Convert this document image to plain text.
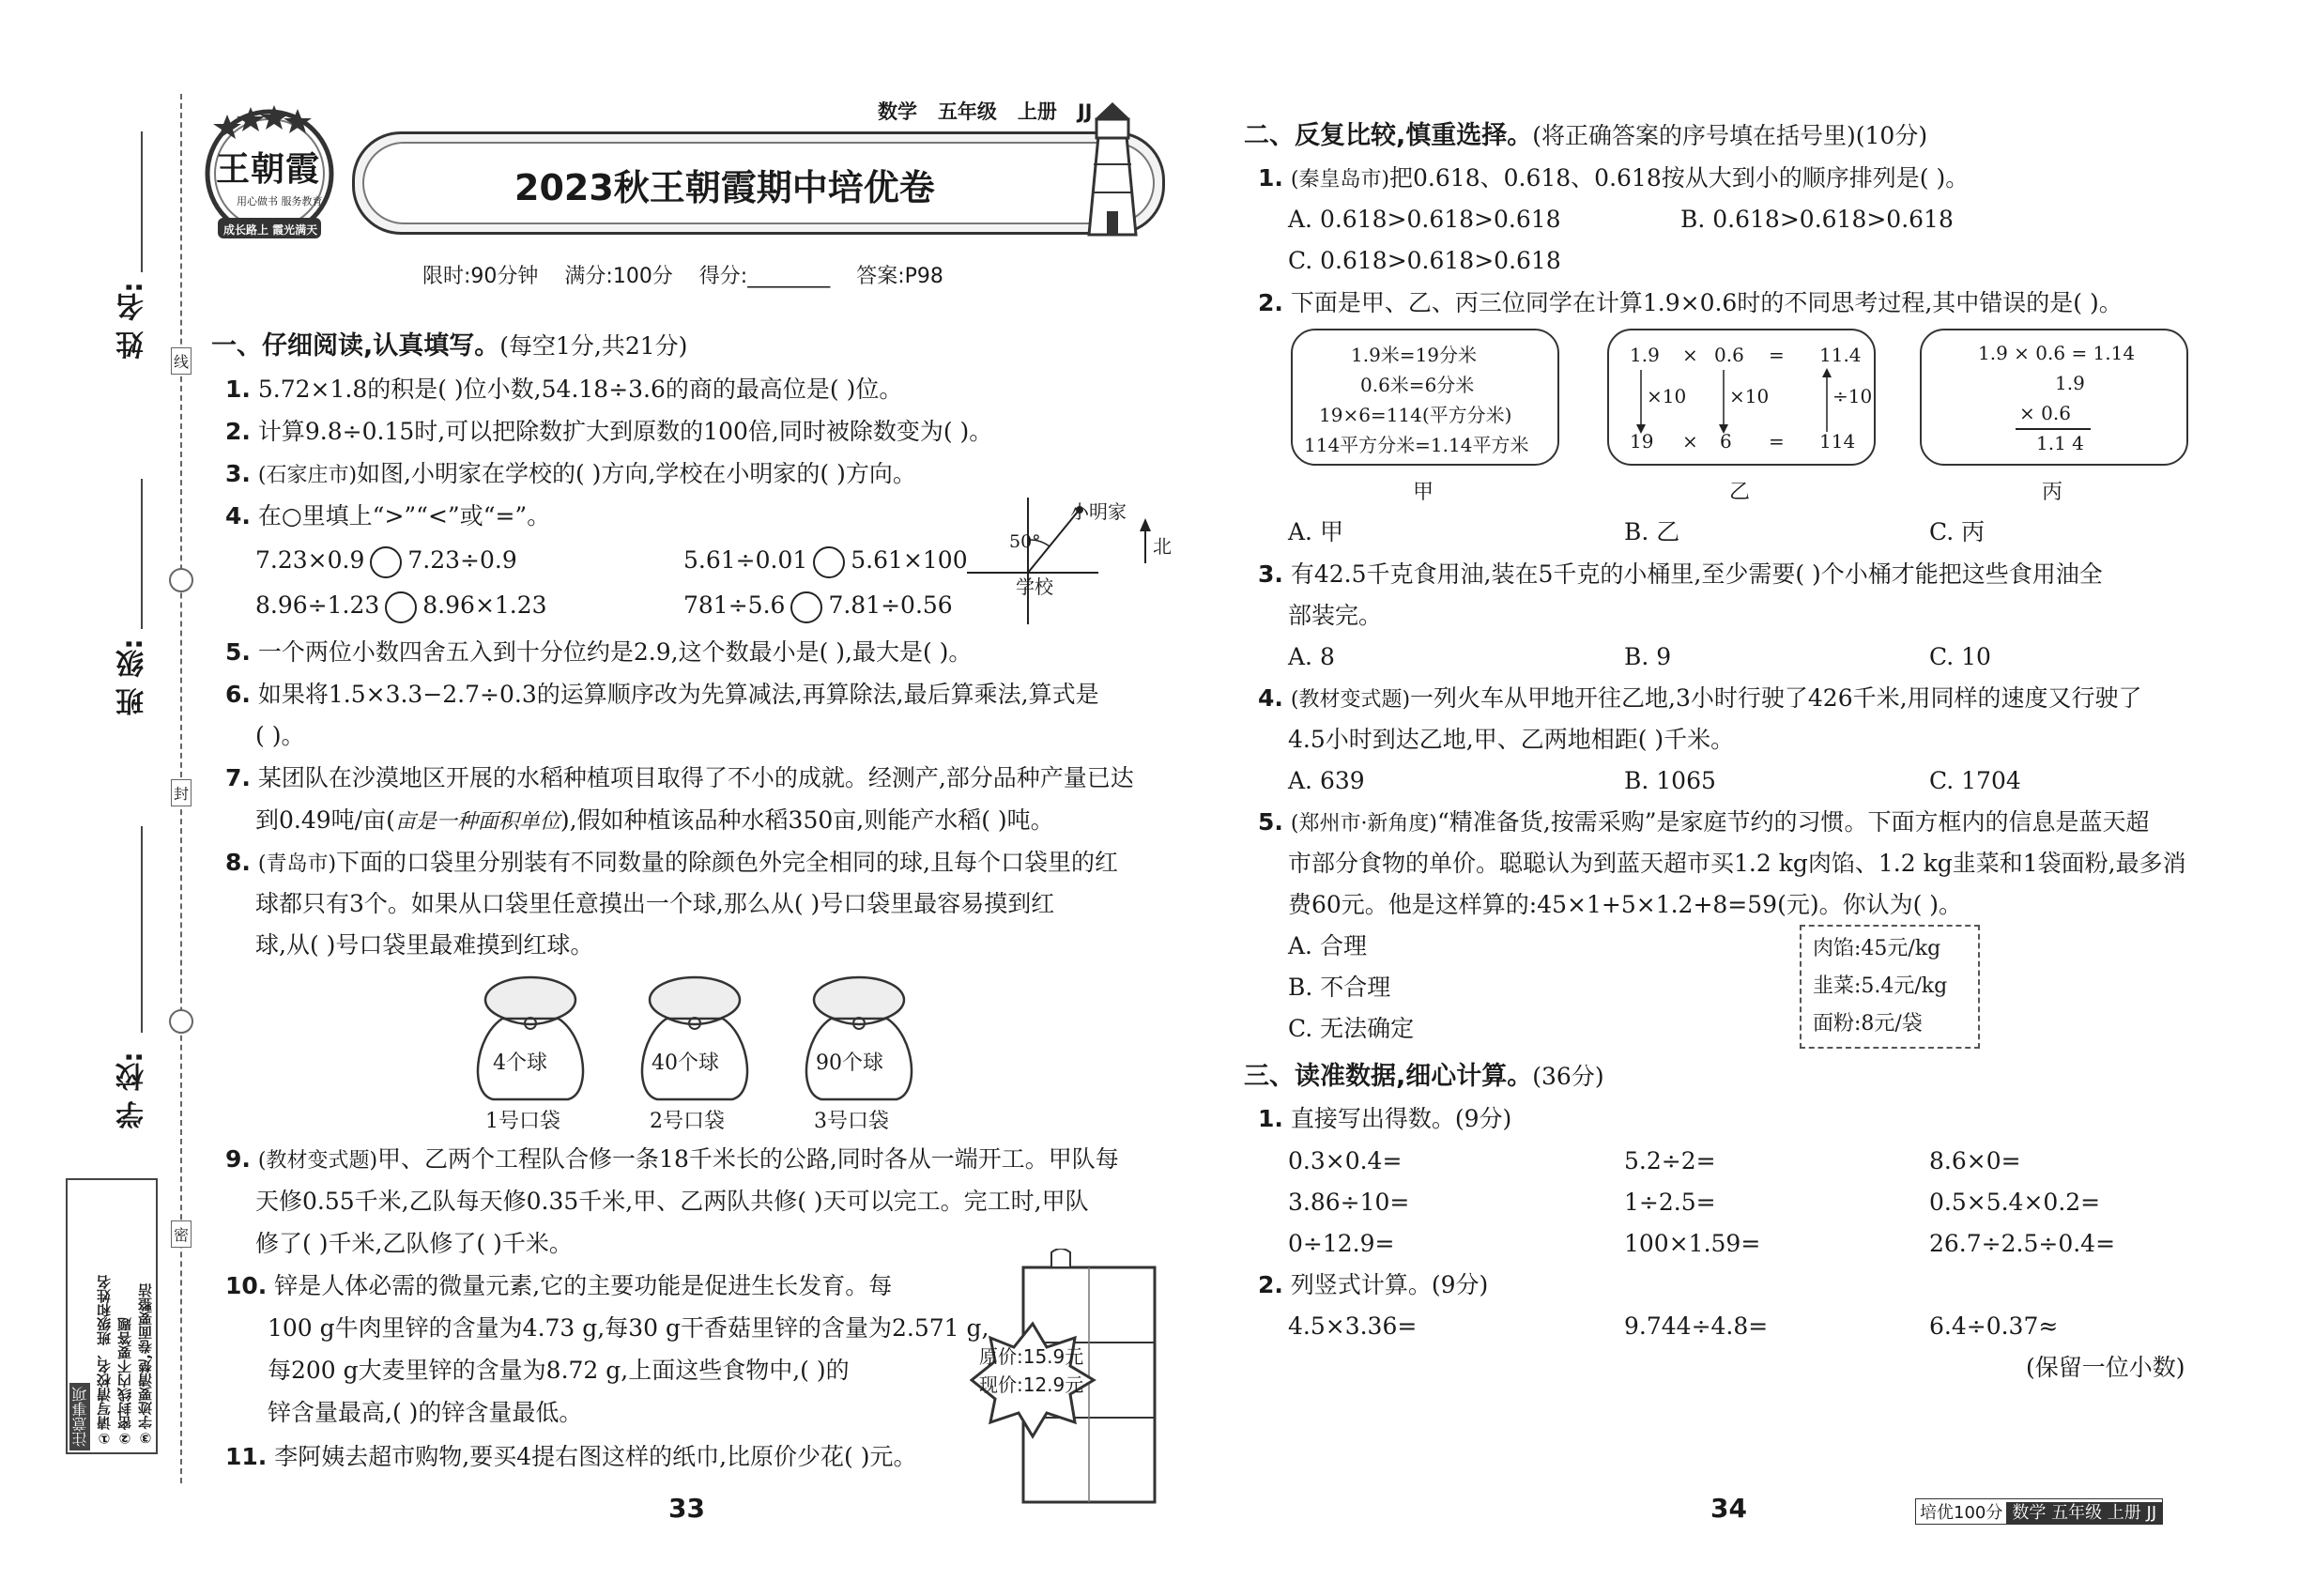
姓 名:
班 级:
学 校:
线
封
密
注意事项 ①请写清校名、班级和姓名 ②密封线内不要答题 ③字迹要清楚,卷面要整洁
王朝霞
用心做书 服务教育
成长路上 霞光满天
数学 五年级 上册 JJ
2023秋王朝霞期中培优卷
限时:90分钟 满分:100分 得分:________ 答案:P98
一、仔细阅读,认真填写。(每空1分,共21分)
1. 5.72×1.8的积是( )位小数,54.18÷3.6的商的最高位是( )位。
2. 计算9.8÷0.15时,可以把除数扩大到原数的100倍,同时被除数变为( )。
3. (石家庄市)如图,小明家在学校的( )方向,学校在小明家的( )方向。
4. 在○里填上“>”“<”或“=”。
7.23×0.9 7.23÷0.9	5.61÷0.01 5.61×100
8.96÷1.23 8.96×1.23	781÷5.6 7.81÷0.56
小明家
50°	北
学校
5. 一个两位小数四舍五入到十分位约是2.9,这个数最小是( ),最大是( )。
6. 如果将1.5×3.3−2.7÷0.3的运算顺序改为先算减法,再算除法,最后算乘法,算式是
( )。
7. 某团队在沙漠地区开展的水稻种植项目取得了不小的成就。经测产,部分品种产量已达
到0.49吨/亩(亩是一种面积单位),假如种植该品种水稻350亩,则能产水稻( )吨。
8. (青岛市)下面的口袋里分别装有不同数量的除颜色外完全相同的球,且每个口袋里的红
球都只有3个。如果从口袋里任意摸出一个球,那么从( )号口袋里最容易摸到红
球,从( )号口袋里最难摸到红球。
4个球
1号口袋
40个球
2号口袋
90个球
3号口袋
9. (教材变式题)甲、乙两个工程队合修一条18千米长的公路,同时各从一端开工。甲队每
天修0.55千米,乙队每天修0.35千米,甲、乙两队共修( )天可以完工。完工时,甲队
修了( )千米,乙队修了( )千米。
10. 锌是人体必需的微量元素,它的主要功能是促进生长发育。每
100 g牛肉里锌的含量为4.73 g,每30 g干香菇里锌的含量为2.571 g,
每200 g大麦里锌的含量为8.72 g,上面这些食物中,( )的
锌含量最高,( )的锌含量最低。
11. 李阿姨去超市购物,要买4提右图这样的纸巾,比原价少花( )元。
原价:15.9元
现价:12.9元
33
二、反复比较,慎重选择。(将正确答案的序号填在括号里)(10分)
1. (秦皇岛市)把0.618、0.618、0.618按从大到小的顺序排列是( )。
A. 0.618>0.618>0.618	B. 0.618>0.618>0.618
C. 0.618>0.618>0.618
2. 下面是甲、乙、丙三位同学在计算1.9×0.6时的不同思考过程,其中错误的是( )。
1.9米=19分米
0.6米=6分米
19×6=114(平方分米)
114平方分米=1.14平方米
1.9 × 0.6 = 11.4
×10 ×10	÷10
19 × 6 = 114
1.9 × 0.6 = 1.14
1.9
× 0.6
1.1 4
甲	乙	丙
A. 甲	B. 乙	C. 丙
3. 有42.5千克食用油,装在5千克的小桶里,至少需要( )个小桶才能把这些食用油全
部装完。
A. 8	B. 9	C. 10
4. (教材变式题)一列火车从甲地开往乙地,3小时行驶了426千米,用同样的速度又行驶了
4.5小时到达乙地,甲、乙两地相距( )千米。
A. 639	B. 1065	C. 1704
5. (郑州市·新角度)“精准备货,按需采购”是家庭节约的习惯。下面方框内的信息是蓝天超
市部分食物的单价。聪聪认为到蓝天超市买1.2 kg肉馅、1.2 kg韭菜和1袋面粉,最多消
费60元。他是这样算的:45×1+5×1.2+8=59(元)。你认为( )。
A. 合理
B. 不合理
C. 无法确定
肉馅:45元/kg
韭菜:5.4元/kg
面粉:8元/袋
三、读准数据,细心计算。(36分)
1. 直接写出得数。(9分)
0.3×0.4=	5.2÷2=	8.6×0=
3.86÷10=	1÷2.5=	0.5×5.4×0.2=
0÷12.9=	100×1.59=	26.7÷2.5÷0.4=
2. 列竖式计算。(9分)
4.5×3.36=	9.744÷4.8=	6.4÷0.37≈
(保留一位小数)
34	培优100分 数学 五年级 上册 JJ
